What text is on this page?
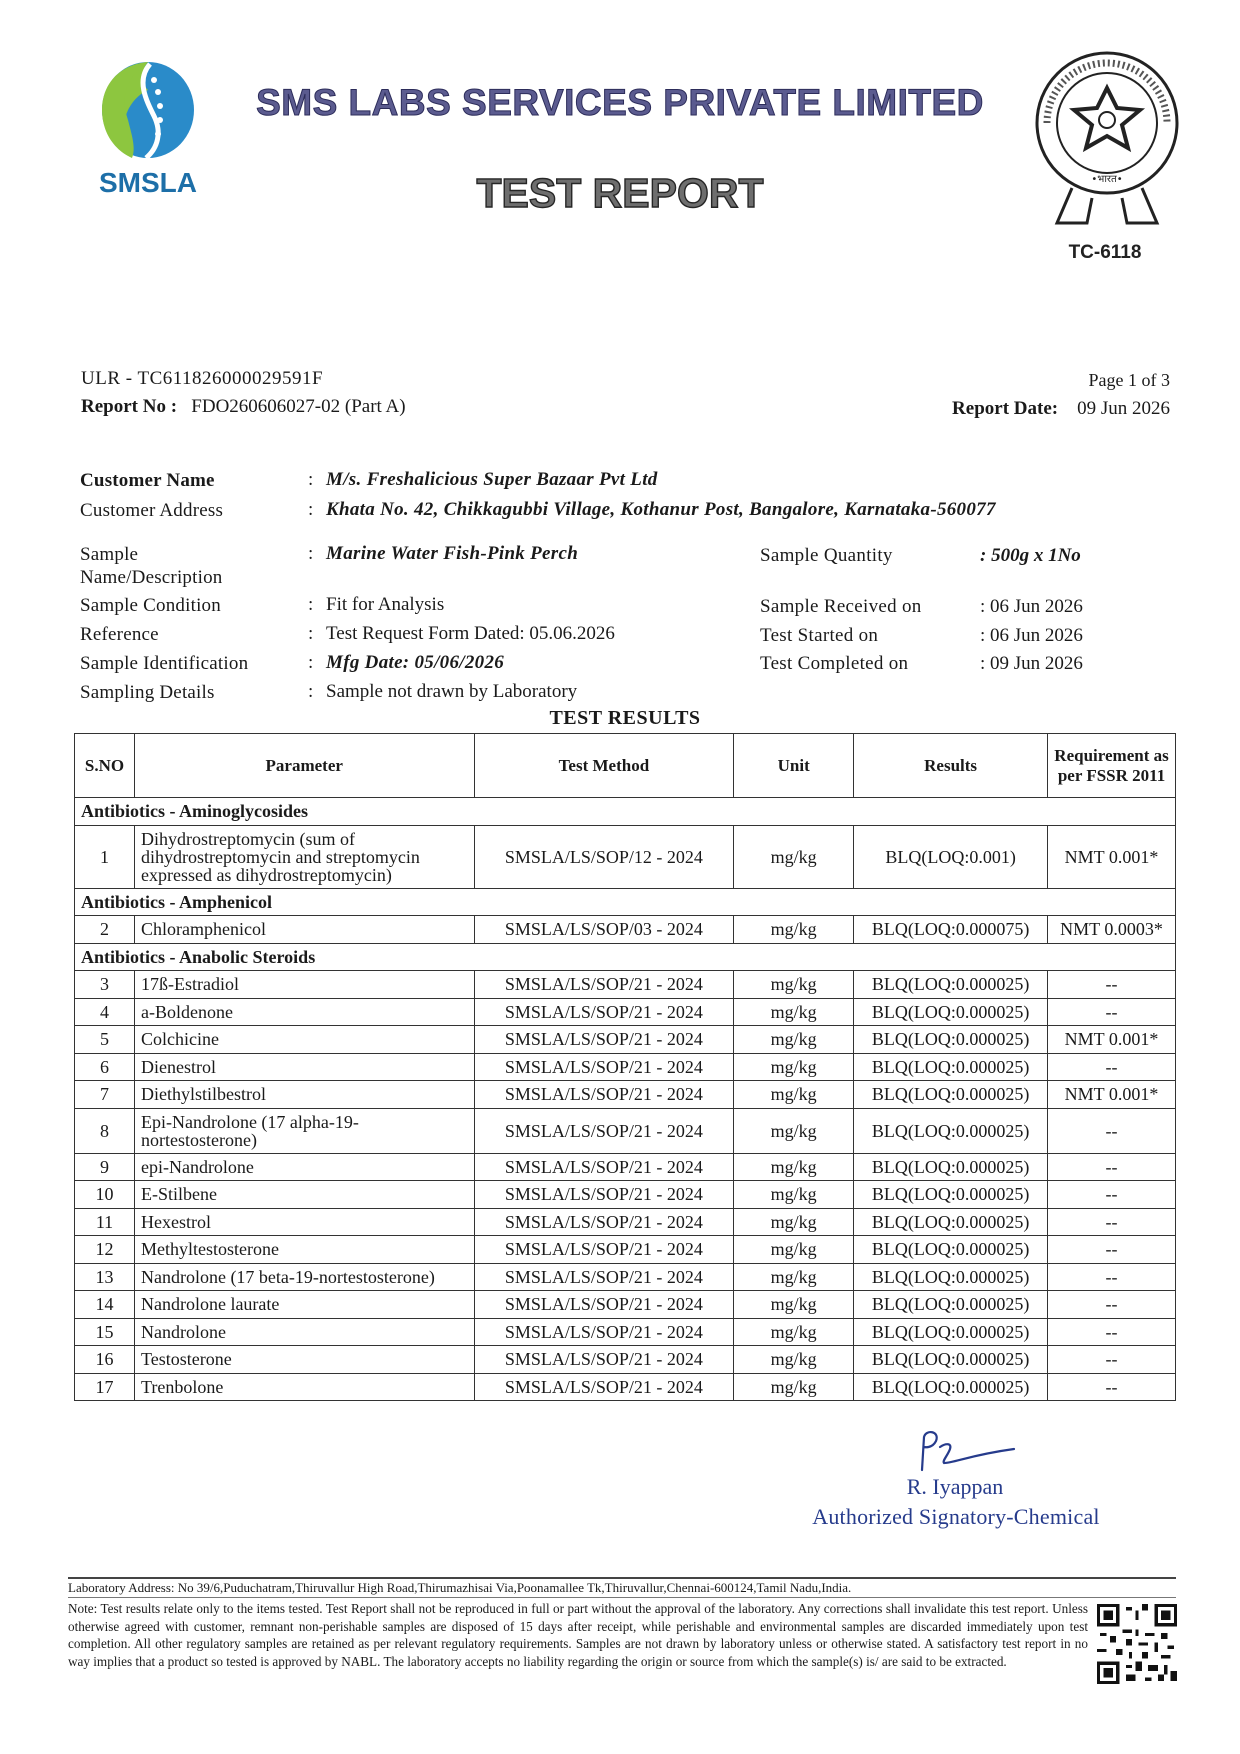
SMSLA
SMS LABS SERVICES PRIVATE LIMITED
TEST REPORT	•भारत•
TC-6118
ULR - TC611826000029591F
Report No : FDO260606027-02 (Part A)
Page 1 of 3
Report Date: 09 Jun 2026
Customer Name	: M/s. Freshalicious Super Bazaar Pvt Ltd
Customer Address	: Khata No. 42, Chikkagubbi Village, Kothanur Post, Bangalore, Karnataka-560077
Sample
Name/Description
: Marine Water Fish-Pink Perch	Sample Quantity	: 500g x 1No
Sample Condition	: Fit for Analysis	Sample Received on	: 06 Jun 2026
Reference	: Test Request Form Dated: 05.06.2026	Test Started on	: 06 Jun 2026
Sample Identification	: Mfg Date: 05/06/2026	Test Completed on	: 09 Jun 2026
Sampling Details	: Sample not drawn by Laboratory
TEST RESULTS
S.NO	Parameter	Test Method	Unit	Results	Requirement as per FSSR 2011
Antibiotics - Aminoglycosides					
1	Dihydrostreptomycin (sum of dihydrostreptomycin and streptomycin expressed as dihydrostreptomycin)	SMSLA/LS/SOP/12 - 2024	mg/kg	BLQ(LOQ:0.001)	NMT 0.001*
Antibiotics - Amphenicol					
2	Chloramphenicol	SMSLA/LS/SOP/03 - 2024	mg/kg	BLQ(LOQ:0.000075)	NMT 0.0003*
Antibiotics - Anabolic Steroids					
3	17ß-Estradiol	SMSLA/LS/SOP/21 - 2024	mg/kg	BLQ(LOQ:0.000025)	--
4	a-Boldenone	SMSLA/LS/SOP/21 - 2024	mg/kg	BLQ(LOQ:0.000025)	--
5	Colchicine	SMSLA/LS/SOP/21 - 2024	mg/kg	BLQ(LOQ:0.000025)	NMT 0.001*
6	Dienestrol	SMSLA/LS/SOP/21 - 2024	mg/kg	BLQ(LOQ:0.000025)	--
7	Diethylstilbestrol	SMSLA/LS/SOP/21 - 2024	mg/kg	BLQ(LOQ:0.000025)	NMT 0.001*
8	Epi-Nandrolone (17 alpha-19-nortestosterone)	SMSLA/LS/SOP/21 - 2024	mg/kg	BLQ(LOQ:0.000025)	--
9	epi-Nandrolone	SMSLA/LS/SOP/21 - 2024	mg/kg	BLQ(LOQ:0.000025)	--
10	E-Stilbene	SMSLA/LS/SOP/21 - 2024	mg/kg	BLQ(LOQ:0.000025)	--
11	Hexestrol	SMSLA/LS/SOP/21 - 2024	mg/kg	BLQ(LOQ:0.000025)	--
12	Methyltestosterone	SMSLA/LS/SOP/21 - 2024	mg/kg	BLQ(LOQ:0.000025)	--
13	Nandrolone (17 beta-19-nortestosterone)	SMSLA/LS/SOP/21 - 2024	mg/kg	BLQ(LOQ:0.000025)	--
14	Nandrolone laurate	SMSLA/LS/SOP/21 - 2024	mg/kg	BLQ(LOQ:0.000025)	--
15	Nandrolone	SMSLA/LS/SOP/21 - 2024	mg/kg	BLQ(LOQ:0.000025)	--
16	Testosterone	SMSLA/LS/SOP/21 - 2024	mg/kg	BLQ(LOQ:0.000025)	--
17	Trenbolone	SMSLA/LS/SOP/21 - 2024	mg/kg	BLQ(LOQ:0.000025)	--
R. Iyappan
Authorized Signatory-Chemical
Laboratory Address: No 39/6,Puduchatram,Thiruvallur High Road,Thirumazhisai Via,Poonamallee Tk,Thiruvallur,Chennai-600124,Tamil Nadu,India.
Note: Test results relate only to the items tested. Test Report shall not be reproduced in full or part without the approval of the laboratory. Any corrections shall invalidate this test report. Unless otherwise agreed with customer, remnant non-perishable samples are disposed of 15 days after receipt, while perishable and environmental samples are discarded immediately upon test completion. All other regulatory samples are retained as per relevant regulatory requirements. Samples are not drawn by laboratory unless or otherwise stated. A satisfactory test report in no way implies that a product so tested is approved by NABL. The laboratory accepts no liability regarding the origin or source from which the sample(s) is/ are said to be extracted.
